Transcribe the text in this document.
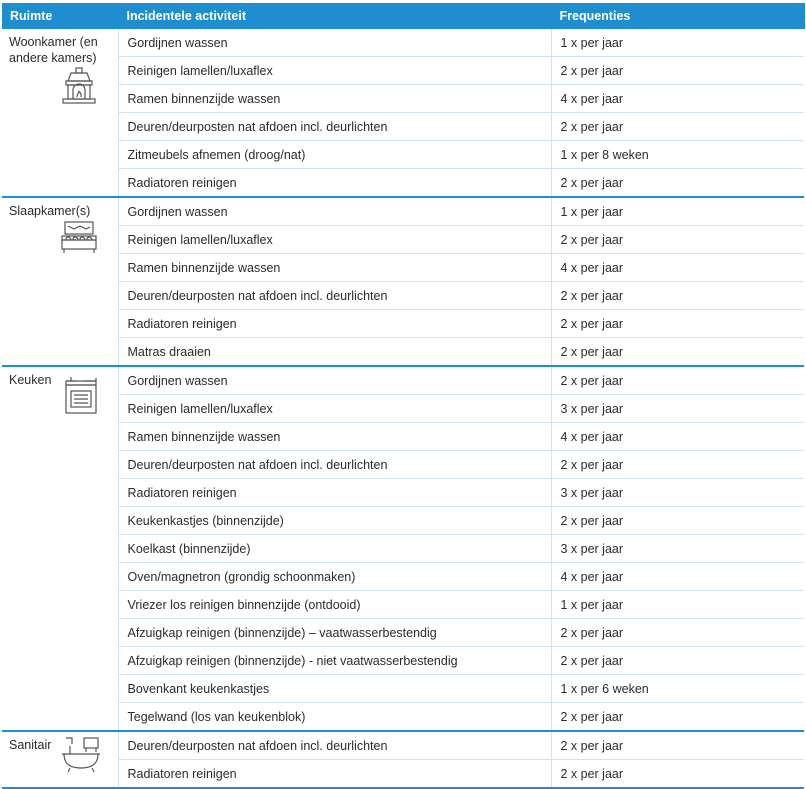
Ruimte	Incidentele activiteit	Frequenties

Woonkamer (en andere kamers)	Gordijnen wassen	1 x per jaar
	Reinigen lamellen/luxaflex	2 x per jaar
	Ramen binnenzijde wassen	4 x per jaar
	Deuren/deurposten nat afdoen incl. deurlichten	2 x per jaar
	Zitmeubels afnemen (droog/nat)	1 x per 8 weken
	Radiatoren reinigen	2 x per jaar

Slaapkamer(s)	Gordijnen wassen	1 x per jaar
	Reinigen lamellen/luxaflex	2 x per jaar
	Ramen binnenzijde wassen	4 x per jaar
	Deuren/deurposten nat afdoen incl. deurlichten	2 x per jaar
	Radiatoren reinigen	2 x per jaar
	Matras draaien	2 x per jaar

Keuken	Gordijnen wassen	2 x per jaar
	Reinigen lamellen/luxaflex	3 x per jaar
	Ramen binnenzijde wassen	4 x per jaar
	Deuren/deurposten nat afdoen incl. deurlichten	2 x per jaar
	Radiatoren reinigen	3 x per jaar
	Keukenkastjes (binnenzijde)	2 x per jaar
	Koelkast (binnenzijde)	3 x per jaar
	Oven/magnetron (grondig schoonmaken)	4 x per jaar
	Vriezer los reinigen binnenzijde (ontdooid)	1 x per jaar
	Afzuigkap reinigen (binnenzijde) – vaatwasserbestendig	2 x per jaar
	Afzuigkap reinigen (binnenzijde) - niet vaatwasserbestendig	2 x per jaar
	Bovenkant keukenkastjes	1 x per 6 weken
	Tegelwand (los van keukenblok)	2 x per jaar

Sanitair	Deuren/deurposten nat afdoen incl. deurlichten	2 x per jaar
	Radiatoren reinigen	2 x per jaar
